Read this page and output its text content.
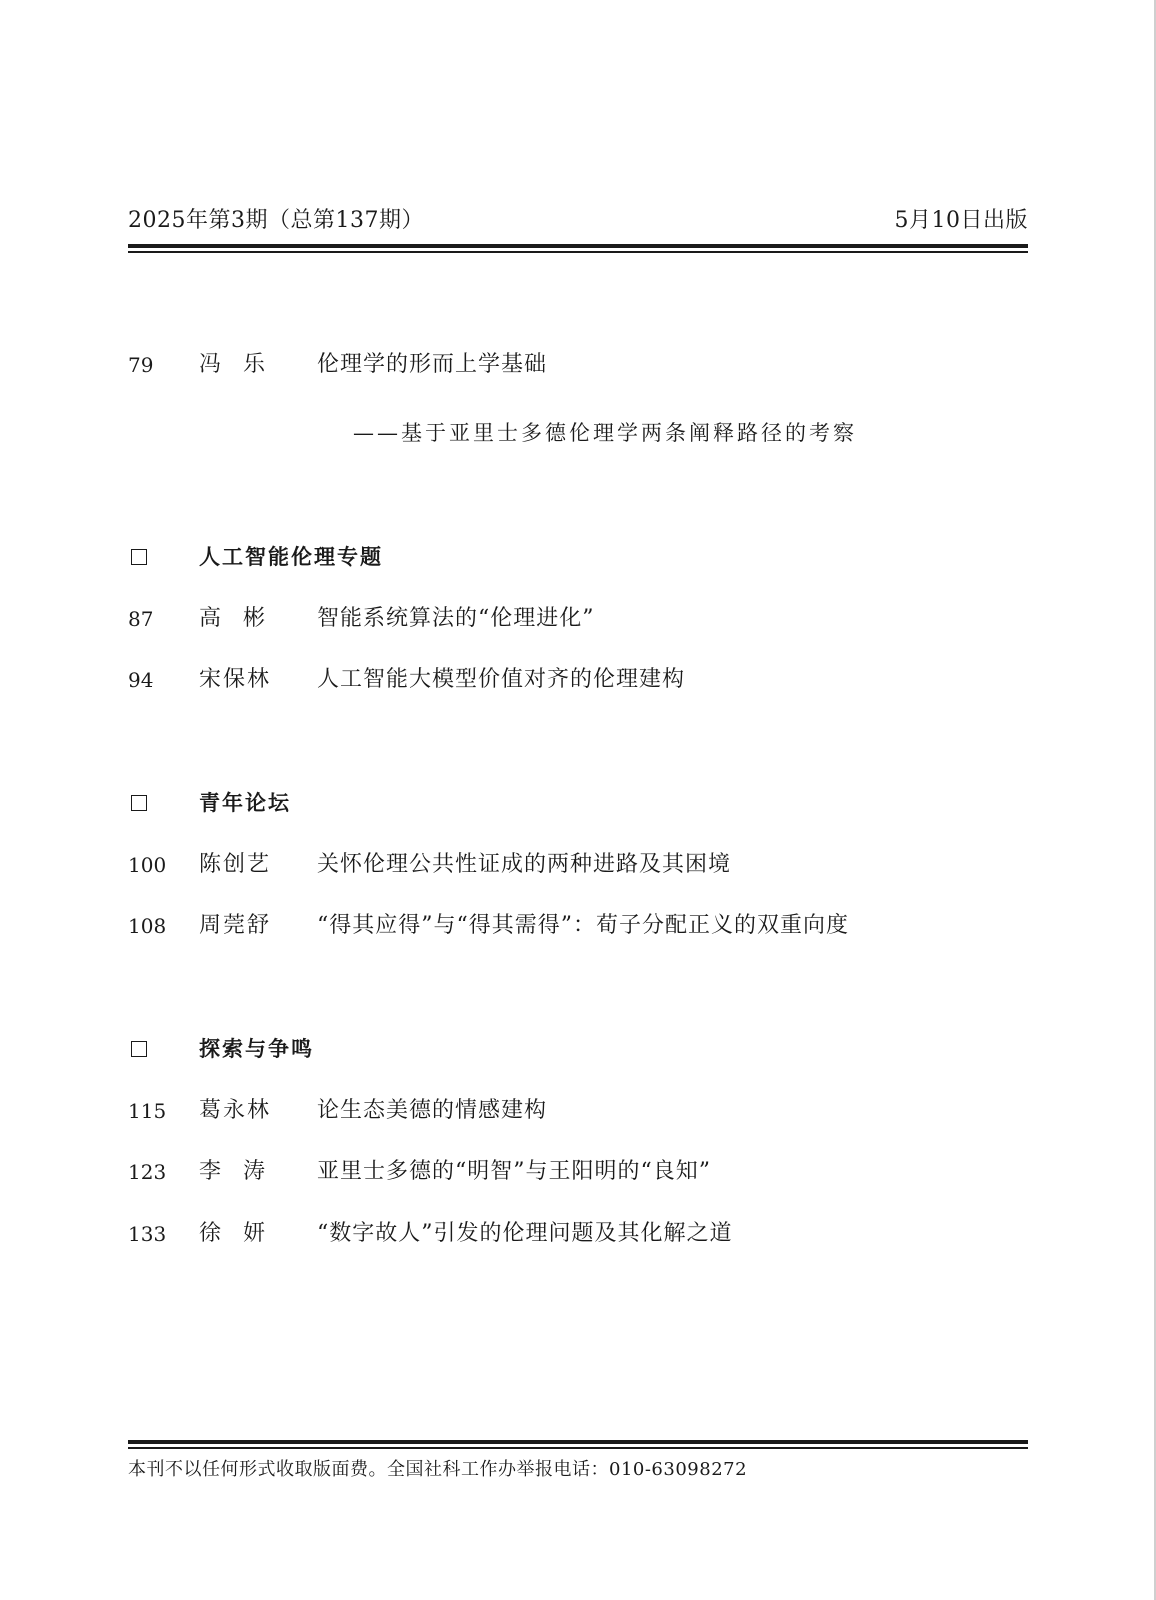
2025年第3期（总第137期）	5月10日出版
79	冯乐	伦理学的形而上学基础
——基于亚里士多德伦理学两条阐释路径的考察
人工智能伦理专题
87	高彬	智能系统算法的“伦理进化”
94	宋保林	人工智能大模型价值对齐的伦理建构
青年论坛
100	陈创艺	关怀伦理公共性证成的两种进路及其困境
108	周莞舒	“得其应得”与“得其需得”：荀子分配正义的双重向度
探索与争鸣
115	葛永林	论生态美德的情感建构
123	李涛	亚里士多德的“明智”与王阳明的“良知”
133	徐妍	“数字故人”引发的伦理问题及其化解之道
本刊不以任何形式收取版面费。全国社科工作办举报电话：010-63098272
